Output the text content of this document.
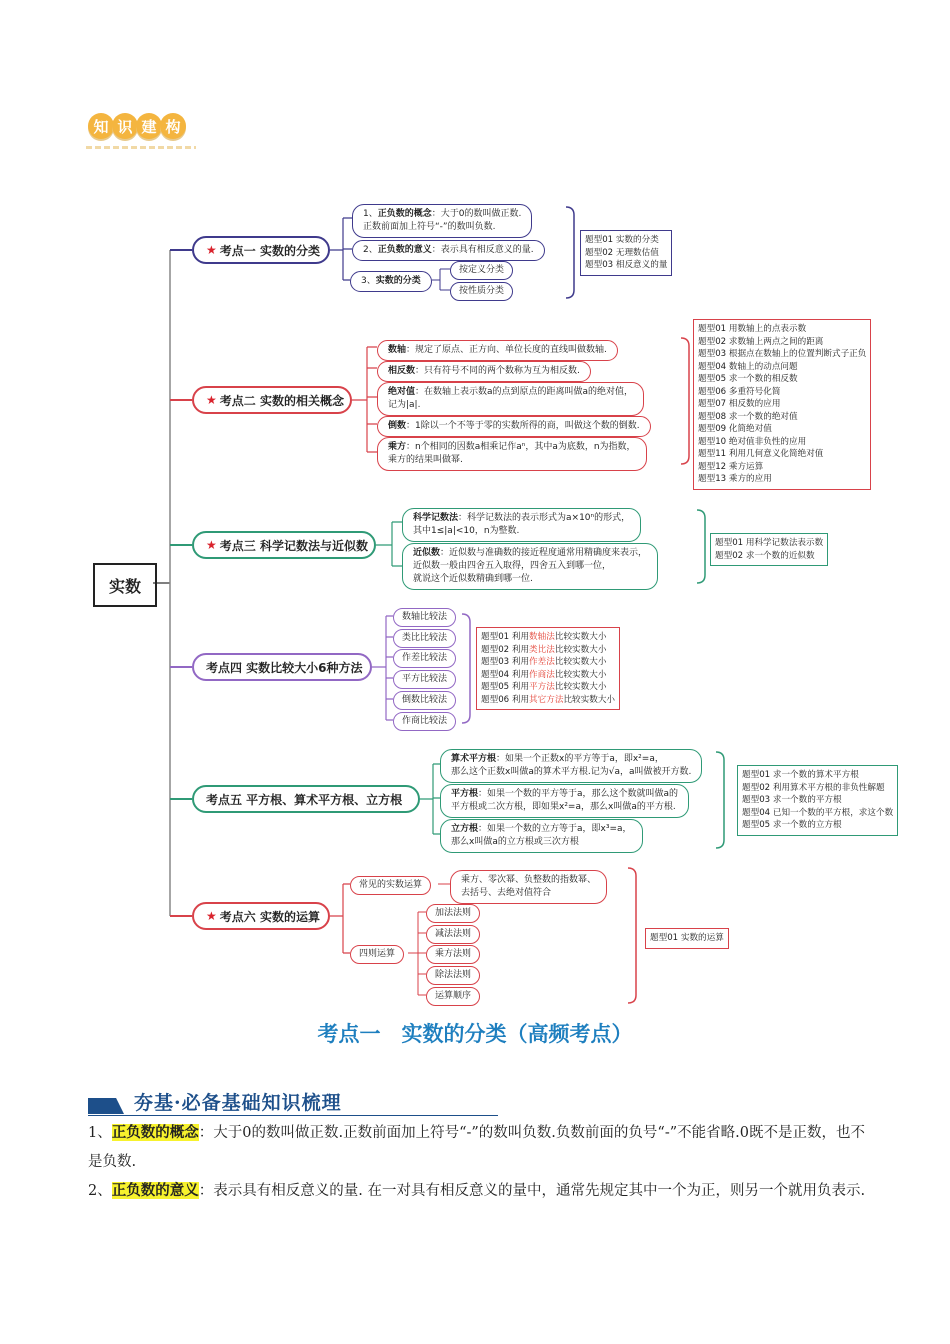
知 识 建 构
实数
★ 考点一 实数的分类
1、正负数的概念：大于0的数叫做正数.
正数前面加上符号“-”的数叫负数.
2、正负数的意义：表示具有相反意义的量.
3、实数的分类
按定义分类
按性质分类
题型01 实数的分类
题型02 无理数估值
题型03 相反意义的量
★ 考点二 实数的相关概念
数轴：规定了原点、正方向、单位长度的直线叫做数轴.
相反数：只有符号不同的两个数称为互为相反数.
绝对值：在数轴上表示数a的点到原点的距离叫做a的绝对值，
记为|a|.
倒数：1除以一个不等于零的实数所得的商，叫做这个数的倒数.
乘方：n个相同的因数a相乘记作aⁿ，其中a为底数，n为指数，
乘方的结果叫做幂.
题型01 用数轴上的点表示数
题型02 求数轴上两点之间的距离
题型03 根据点在数轴上的位置判断式子正负
题型04 数轴上的动点问题
题型05 求一个数的相反数
题型06 多重符号化简
题型07 相反数的应用
题型08 求一个数的绝对值
题型09 化简绝对值
题型10 绝对值非负性的应用
题型11 利用几何意义化简绝对值
题型12 乘方运算
题型13 乘方的应用
★ 考点三 科学记数法与近似数
科学记数法：科学记数法的表示形式为a×10ⁿ的形式，
其中1≤|a|<10，n为整数.
近似数：近似数与准确数的接近程度通常用精确度来表示，
近似数一般由四舍五入取得，四舍五入到哪一位，
就说这个近似数精确到哪一位.
题型01 用科学记数法表示数
题型02 求一个数的近似数
考点四 实数比较大小6种方法
数轴比较法
类比比较法
作差比较法
平方比较法
倒数比较法
作商比较法
题型01 利用数轴法比较实数大小
题型02 利用类比法比较实数大小
题型03 利用作差法比较实数大小
题型04 利用作商法比较实数大小
题型05 利用平方法比较实数大小
题型06 利用其它方法比较实数大小
考点五 平方根、算术平方根、立方根
算术平方根：如果一个正数x的平方等于a，即x²=a，
那么这个正数x叫做a的算术平方根.记为√a，a叫做被开方数.
平方根：如果一个数的平方等于a，那么这个数就叫做a的
平方根或二次方根，即如果x²=a，那么x叫做a的平方根.
立方根：如果一个数的立方等于a，即x³=a，
那么x叫做a的立方根或三次方根
题型01 求一个数的算术平方根
题型02 利用算术平方根的非负性解题
题型03 求一个数的平方根
题型04 已知一个数的平方根，求这个数
题型05 求一个数的立方根
★ 考点六 实数的运算
常见的实数运算	乘方、零次幂、负整数的指数幂、
去括号、去绝对值符合
四则运算
加法法则
减法法则
乘方法则
除法法则
运算顺序
题型01 实数的运算
考点一　实数的分类（高频考点）
夯基·必备基础知识梳理
1、正负数的概念：大于0的数叫做正数.正数前面加上符号“-”的数叫负数.负数前面的负号“-”不能省略.0既不是正数，也不是负数.
2、正负数的意义：表示具有相反意义的量. 在一对具有相反意义的量中，通常先规定其中一个为正，则另一个就用负表示.
